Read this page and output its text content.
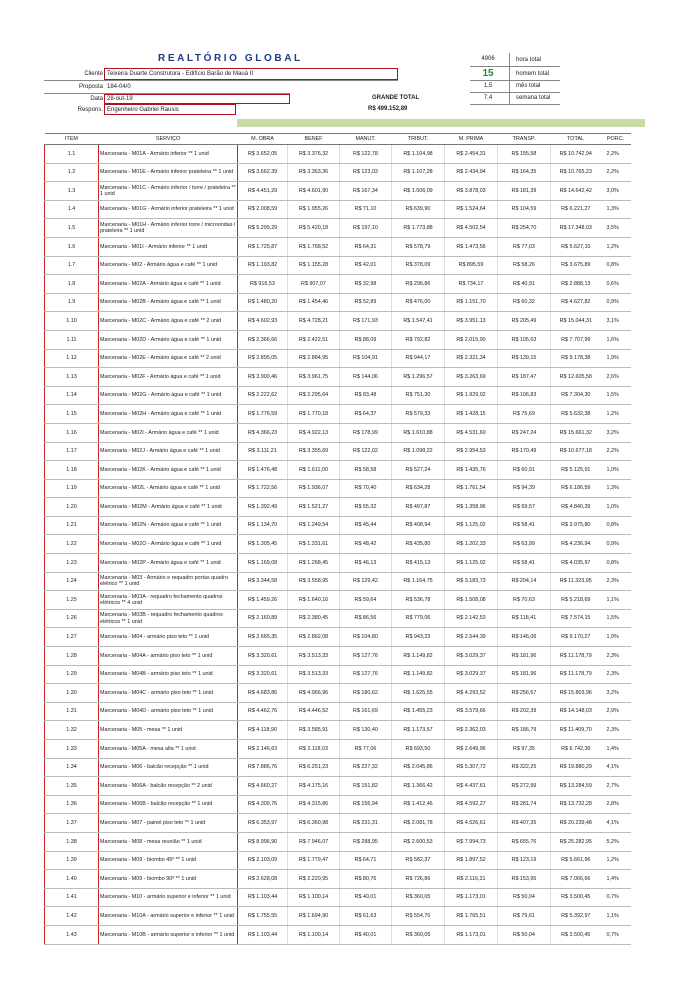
REALTÓRIO GLOBAL
Cliente Teixeira Duarte Construtora - Edifício Barão de Mauá II
Proposta 184-04/0
Data 28-out-19
Respons. Engenheiro Gabriel Rausis
4906	hora total
15	homem total
1,5	mês total
7,4	semana total
GRANDE TOTAL
R$ 499.152,89
ITEM	SERVIÇO	M. OBRA	BENEF	MANUT.	TRIBUT.	M. PRIMA	TRANSP.	TOTAL	PORC.
1.1	Marcenaria - M01A - Armário inferior ** 1 unid	R$ 3.652,05	R$ 3.376,32	R$ 122,78	R$ 1.104,98	R$ 2.454,31	R$ 155,58	R$ 10.742,94	2,2%
1.2	Marcenaria - M01E - Armário inferior prateleira ** 1 unid	R$ 3.662,39	R$ 3.363,36	R$ 123,03	R$ 1.107,28	R$ 2.434,94	R$ 164,35	R$ 10.765,23	2,2%
1.3	Marcenaria - M01C - Armário inferior / torre / prateleira ** 1 unid	R$ 4.451,29	R$ 4.601,90	R$ 167,34	R$ 1.506,09	R$ 3.878,03	R$ 181,39	R$ 14.642,42	3,0%
1.4	Marcenaria - M01G - Armário inferior prateleira ** 1 unid	R$ 2.008,59	R$ 1.955,26	R$ 71,10	R$ 639,90	R$ 1.524,64	R$ 104,59	R$ 6.221,27	1,3%
1.5	Marcenaria - M01H - Armário inferior torre / microondas / prateleira ** 1 unid	R$ 5.299,29	R$ 5.420,18	R$ 197,10	R$ 1.773,88	R$ 4.502,54	R$ 254,70	R$ 17.348,03	3,5%
1.6	Marcenaria - M01I - Armário inferior ** 1 unid	R$ 1.725,87	R$ 1.768,52	R$ 64,31	R$ 578,79	R$ 1.473,56	R$ 77,03	R$ 5.627,10	1,2%
1.7	Marcenaria - M02 - Armário água e café ** 1 unid	R$ 1.193,82	R$ 1.155,28	R$ 42,01	R$ 378,09	R$ 895,59	R$ 58,26	R$ 3.675,89	0,8%
1.8	Marcenaria - M02A - Armário água e café ** 1 unid	R$ 916,53	R$ 907,07	R$ 32,98	R$ 296,86	R$ 734,17	R$ 40,91	R$ 2.888,13	0,6%
1.9	Marcenaria - M02B - Armário água e café ** 1 unid	R$ 1.480,20	R$ 1.454,46	R$ 52,89	R$ 476,00	R$ 1.151,70	R$ 60,32	R$ 4.627,82	0,9%
1.10	Marcenaria - M02C - Armário água e café ** 2 unid	R$ 4.602,93	R$ 4.728,21	R$ 171,93	R$ 1.547,41	R$ 3.951,13	R$ 205,49	R$ 15.044,31	3,1%
1.11	Marcenaria - M02D - Armário água e café ** 1 unid	R$ 2.366,66	R$ 2.422,51	R$ 88,09	R$ 792,82	R$ 2.015,90	R$ 105,63	R$ 7.707,99	1,6%
1.12	Marcenaria - M02E - Armário água e café ** 2 unid	R$ 2.895,05	R$ 2.884,95	R$ 104,91	R$ 944,17	R$ 2.321,34	R$ 139,15	R$ 9.178,38	1,9%
1.13	Marcenaria - M02F - Armário água e café ** 1 unid	R$ 3.900,46	R$ 3.961,75	R$ 144,06	R$ 1.296,57	R$ 3.263,69	R$ 187,47	R$ 12.605,58	2,6%
1.14	Marcenaria - M02G - Armário água e café ** 1 unid	R$ 2.222,62	R$ 2.295,64	R$ 83,48	R$ 751,30	R$ 1.929,02	R$ 106,83	R$ 7.304,30	1,5%
1.15	Marcenaria - M02H - Armário água e café ** 1 unid	R$ 1.776,59	R$ 1.770,18	R$ 64,37	R$ 579,33	R$ 1.428,15	R$ 75,69	R$ 5.632,38	1,2%
1.16	Marcenaria - M02I - Armário água e café ** 1 unid	R$ 4.366,23	R$ 4.922,13	R$ 178,99	R$ 1.610,88	R$ 4.531,60	R$ 247,24	R$ 15.661,32	3,2%
1.17	Marcenaria - M02J - Armário água e café ** 1 unid	R$ 3.111,21	R$ 3.355,69	R$ 122,02	R$ 1.098,22	R$ 2.954,53	R$ 170,49	R$ 10.677,18	2,2%
1.18	Marcenaria - M02K - Armário água e café ** 1 unid	R$ 1.476,48	R$ 1.611,00	R$ 58,58	R$ 527,24	R$ 1.435,76	R$ 60,91	R$ 5.125,91	1,0%
1.19	Marcenaria - M02L - Armário água e café ** 1 unid	R$ 1.722,56	R$ 1.936,07	R$ 70,40	R$ 634,28	R$ 1.761,54	R$ 94,39	R$ 6.186,59	1,3%
1.20	Marcenaria - M02M - Armário água e café ** 1 unid	R$ 1.392,49	R$ 1.521,27	R$ 55,32	R$ 497,87	R$ 1.358,96	R$ 69,57	R$ 4.840,39	1,0%
1.21	Marcenaria - M02N - Armário água e café ** 1 unid	R$ 1.134,70	R$ 1.249,54	R$ 45,44	R$ 408,94	R$ 1.125,02	R$ 58,41	R$ 3.975,80	0,8%
1.22	Marcenaria - M02O - Armário água e café ** 1 unid	R$ 1.305,45	R$ 1.331,61	R$ 48,42	R$ 435,80	R$ 1.202,33	R$ 63,99	R$ 4.236,94	0,9%
1.23	Marcenaria - M02P - Armário água e café ** 1 unid	R$ 1.169,08	R$ 1.268,45	R$ 46,13	R$ 415,13	R$ 1.125,02	R$ 58,41	R$ 4.035,97	0,8%
1.24	Marcenaria - M03 - Armário e requadro portas quadro elétrico ** 1 unid	R$ 3.344,58	R$ 3.558,95	R$ 129,42	R$ 1.164,75	R$ 3.183,73	R$ 204,14	R$ 11.323,95	2,3%
1.25	Marcenaria - M03A - requadro fechamento quadros elétricos ** 4 unid	R$ 1.459,26	R$ 1.640,16	R$ 59,64	R$ 536,78	R$ 1.508,08	R$ 70,63	R$ 5.218,69	1,1%
1.26	Marcenaria - M03B - requadro fechamento quadros elétricos ** 1 unid	R$ 2.160,89	R$ 2.380,45	R$ 86,56	R$ 779,06	R$ 2.142,53	R$ 118,41	R$ 7.574,15	1,5%
1.27	Marcenaria - M04 - armário piso teto ** 1 unid	R$ 2.665,35	R$ 2.862,08	R$ 104,80	R$ 943,23	R$ 2.544,39	R$ 146,06	R$ 9.170,27	1,9%
1.28	Marcenaria - M04A - armário piso teto ** 1 unid	R$ 3.320,61	R$ 3.513,33	R$ 127,76	R$ 1.149,82	R$ 3.029,37	R$ 181,96	R$ 11.178,79	2,3%
1.29	Marcenaria - M04B - armário piso teto ** 1 unid	R$ 3.320,61	R$ 3.513,33	R$ 127,76	R$ 1.149,82	R$ 3.029,37	R$ 181,96	R$ 11.178,79	2,3%
1.30	Marcenaria - M04C - armário piso teto ** 1 unid	R$ 4.683,86	R$ 4.966,96	R$ 180,62	R$ 1.625,55	R$ 4.293,52	R$ 256,67	R$ 15.803,96	3,2%
1.31	Marcenaria - M04D - armário piso teto ** 1 unid	R$ 4.462,76	R$ 4.446,52	R$ 161,69	R$ 1.455,23	R$ 3.579,66	R$ 202,39	R$ 14.148,03	2,9%
1.32	Marcenaria - M05 - mesa ** 1 unid	R$ 4.118,90	R$ 3.585,91	R$ 130,40	R$ 1.173,57	R$ 2.362,03	R$ 186,79	R$ 11.409,70	2,3%
1.33	Marcenaria - M05A - mesa alta ** 1 unid	R$ 2.146,63	R$ 2.118,03	R$ 77,06	R$ 693,50	R$ 2.649,96	R$ 97,35	R$ 6.742,36	1,4%
1.34	Marcenaria - M06 - balcão recepção ** 1 unid	R$ 7.886,76	R$ 6.251,23	R$ 227,32	R$ 2.045,86	R$ 5.307,72	R$ 322,25	R$ 19.880,29	4,1%
1.35	Marcenaria - M06A - balcão recepção ** 2 unid	R$ 4.660,27	R$ 4.175,16	R$ 151,82	R$ 1.366,42	R$ 4.437,61	R$ 272,99	R$ 13.284,59	2,7%
1.36	Marcenaria - M06B - balcão recepção ** 1 unid	R$ 4.309,76	R$ 4.315,86	R$ 156,94	R$ 1.412,46	R$ 4.592,27	R$ 281,74	R$ 13.732,28	2,8%
1.37	Marcenaria - M07 - painel piso teto ** 1 unid	R$ 6.353,97	R$ 6.360,98	R$ 231,31	R$ 2.081,78	R$ 4.526,61	R$ 407,35	R$ 20.239,48	4,1%
1.38	Marcenaria - M08 - mesa reunião ** 1 unid	R$ 8.996,90	R$ 7.946,07	R$ 288,95	R$ 2.600,53	R$ 7.994,73	R$ 655,76	R$ 25.282,95	5,2%
1.39	Marcenaria - M09 - biombo 45º ** 1 unid	R$ 2.103,09	R$ 1.779,47	R$ 64,71	R$ 582,37	R$ 1.897,52	R$ 123,19	R$ 5.661,96	1,2%
1.40	Marcenaria - M09 - biombo 90º ** 1 unid	R$ 2.628,08	R$ 2.220,95	R$ 80,76	R$ 726,86	R$ 2.116,31	R$ 153,95	R$ 7.066,66	1,4%
1.41	Marcenaria - M10 - armário superior e inferior ** 1 unid	R$ 1.103,44	R$ 1.100,14	R$ 40,01	R$ 360,05	R$ 1.173,01	R$ 50,04	R$ 3.500,45	0,7%
1.42	Marcenaria - M10A - armário superior e inferior ** 1 unid	R$ 1.755,55	R$ 1.694,90	R$ 61,63	R$ 554,70	R$ 1.765,51	R$ 79,61	R$ 5.392,97	1,1%
1.43	Marcenaria - M10B - armário superior e inferior ** 1 unid	R$ 1.103,44	R$ 1.100,14	R$ 40,01	R$ 360,05	R$ 1.173,01	R$ 50,04	R$ 3.500,45	0,7%
